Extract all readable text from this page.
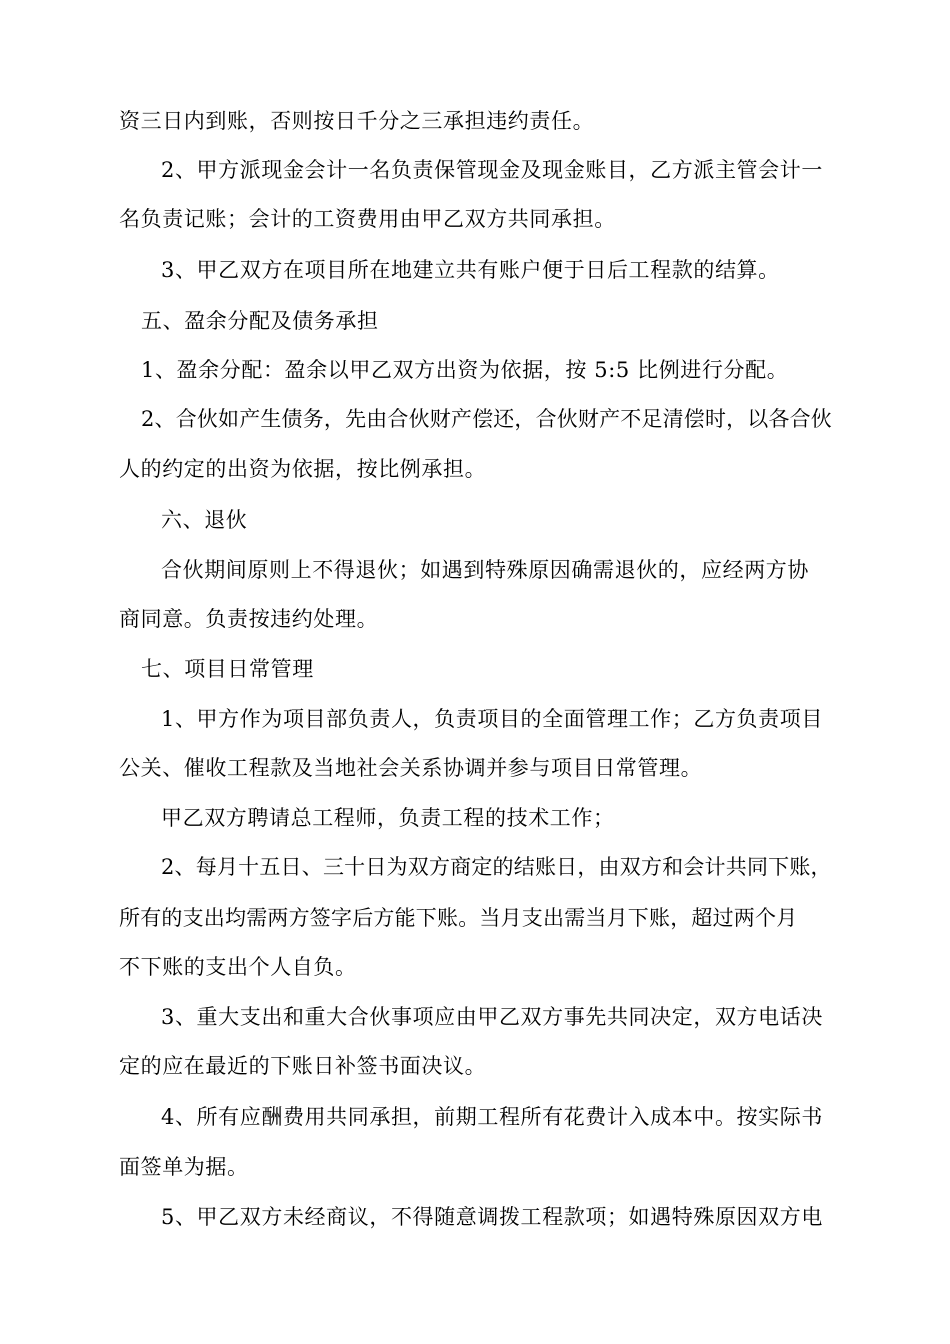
资三日内到账，否则按日千分之三承担违约责任。
2、甲方派现金会计一名负责保管现金及现金账目，乙方派主管会计一
名负责记账；会计的工资费用由甲乙双方共同承担。
3、甲乙双方在项目所在地建立共有账户便于日后工程款的结算。
五、盈余分配及债务承担
1、盈余分配：盈余以甲乙双方出资为依据，按 5:5 比例进行分配。
2、合伙如产生债务，先由合伙财产偿还，合伙财产不足清偿时，以各合伙
人的约定的出资为依据，按比例承担。
六、退伙
合伙期间原则上不得退伙；如遇到特殊原因确需退伙的，应经两方协
商同意。负责按违约处理。
七、项目日常管理
1、甲方作为项目部负责人，负责项目的全面管理工作；乙方负责项目
公关、催收工程款及当地社会关系协调并参与项目日常管理。
甲乙双方聘请总工程师，负责工程的技术工作；
2、每月十五日、三十日为双方商定的结账日，由双方和会计共同下账，
所有的支出均需两方签字后方能下账。当月支出需当月下账，超过两个月
不下账的支出个人自负。
3、重大支出和重大合伙事项应由甲乙双方事先共同决定，双方电话决
定的应在最近的下账日补签书面决议。
4、所有应酬费用共同承担，前期工程所有花费计入成本中。按实际书
面签单为据。
5、甲乙双方未经商议，不得随意调拨工程款项；如遇特殊原因双方电
